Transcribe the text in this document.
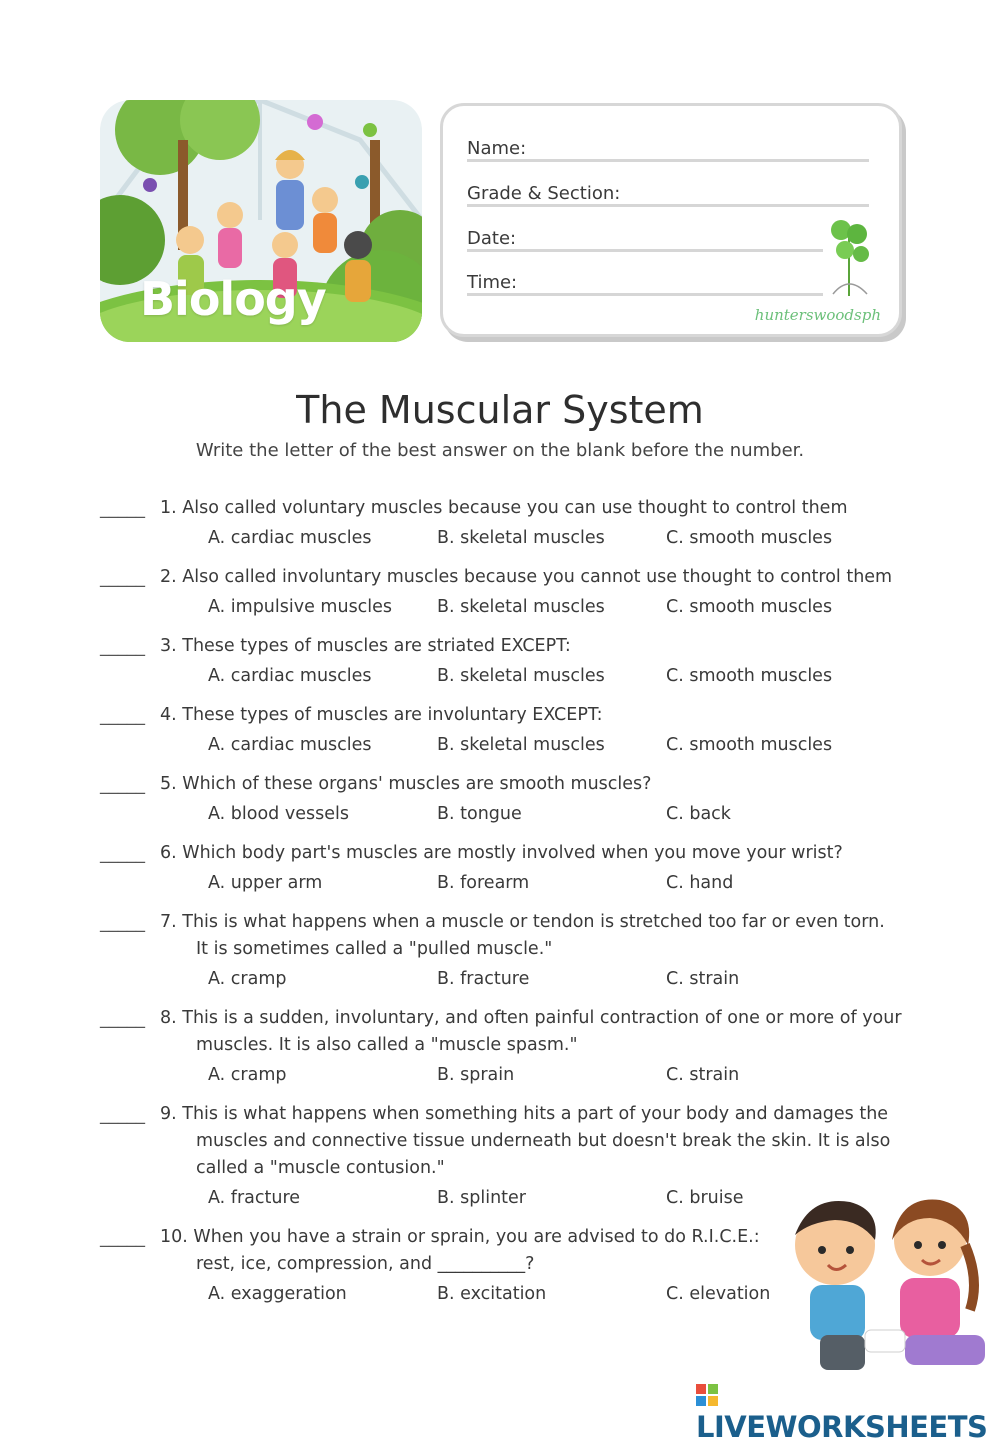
Biology
Name:
Grade & Section:
Date:
Time:
hunterswoodsph
The Muscular System
Write the letter of the best answer on the blank before the number.
_____ 1. Also called voluntary muscles because you can use thought to control them
A. cardiac muscles	B. skeletal muscles	C. smooth muscles
_____ 2. Also called involuntary muscles because you cannot use thought to control them
A. impulsive muscles	B. skeletal muscles	C. smooth muscles
_____ 3. These types of muscles are striated EXCEPT:
A. cardiac muscles	B. skeletal muscles	C. smooth muscles
_____ 4. These types of muscles are involuntary EXCEPT:
A. cardiac muscles	B. skeletal muscles	C. smooth muscles
_____ 5. Which of these organs' muscles are smooth muscles?
A. blood vessels	B. tongue	C. back
_____ 6. Which body part's muscles are mostly involved when you move your wrist?
A. upper arm	B. forearm	C. hand
_____ 7. This is what happens when a muscle or tendon is stretched too far or even torn.
It is sometimes called a "pulled muscle."
A. cramp	B. fracture	C. strain
_____ 8. This is a sudden, involuntary, and often painful contraction of one or more of your
muscles. It is also called a "muscle spasm."
A. cramp	B. sprain	C. strain
_____ 9. This is what happens when something hits a part of your body and damages the
muscles and connective tissue underneath but doesn't break the skin. It is also
called a "muscle contusion."
A. fracture	B. splinter	C. bruise
_____ 10. When you have a strain or sprain, you are advised to do R.I.C.E.:
rest, ice, compression, and __________?
A. exaggeration	B. excitation	C. elevation
LIVEWORKSHEETS
